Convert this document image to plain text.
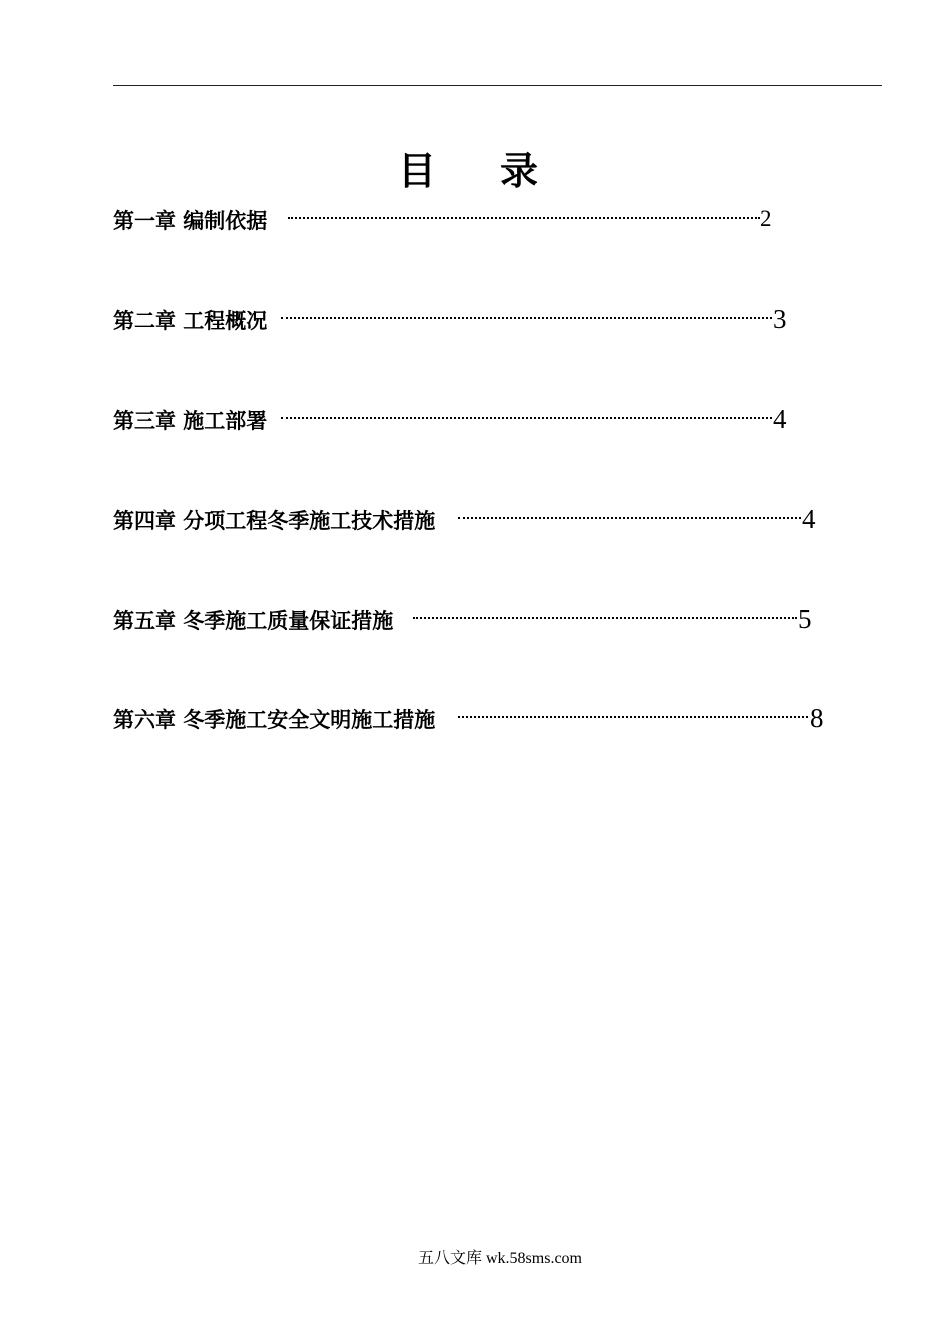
目录
第一章 编制依据	2
第二章 工程概况	3
第三章 施工部署	4
第四章 分项工程冬季施工技术措施	4
第五章 冬季施工质量保证措施	5
第六章 冬季施工安全文明施工措施	8
五八文库 wk.58sms.com
